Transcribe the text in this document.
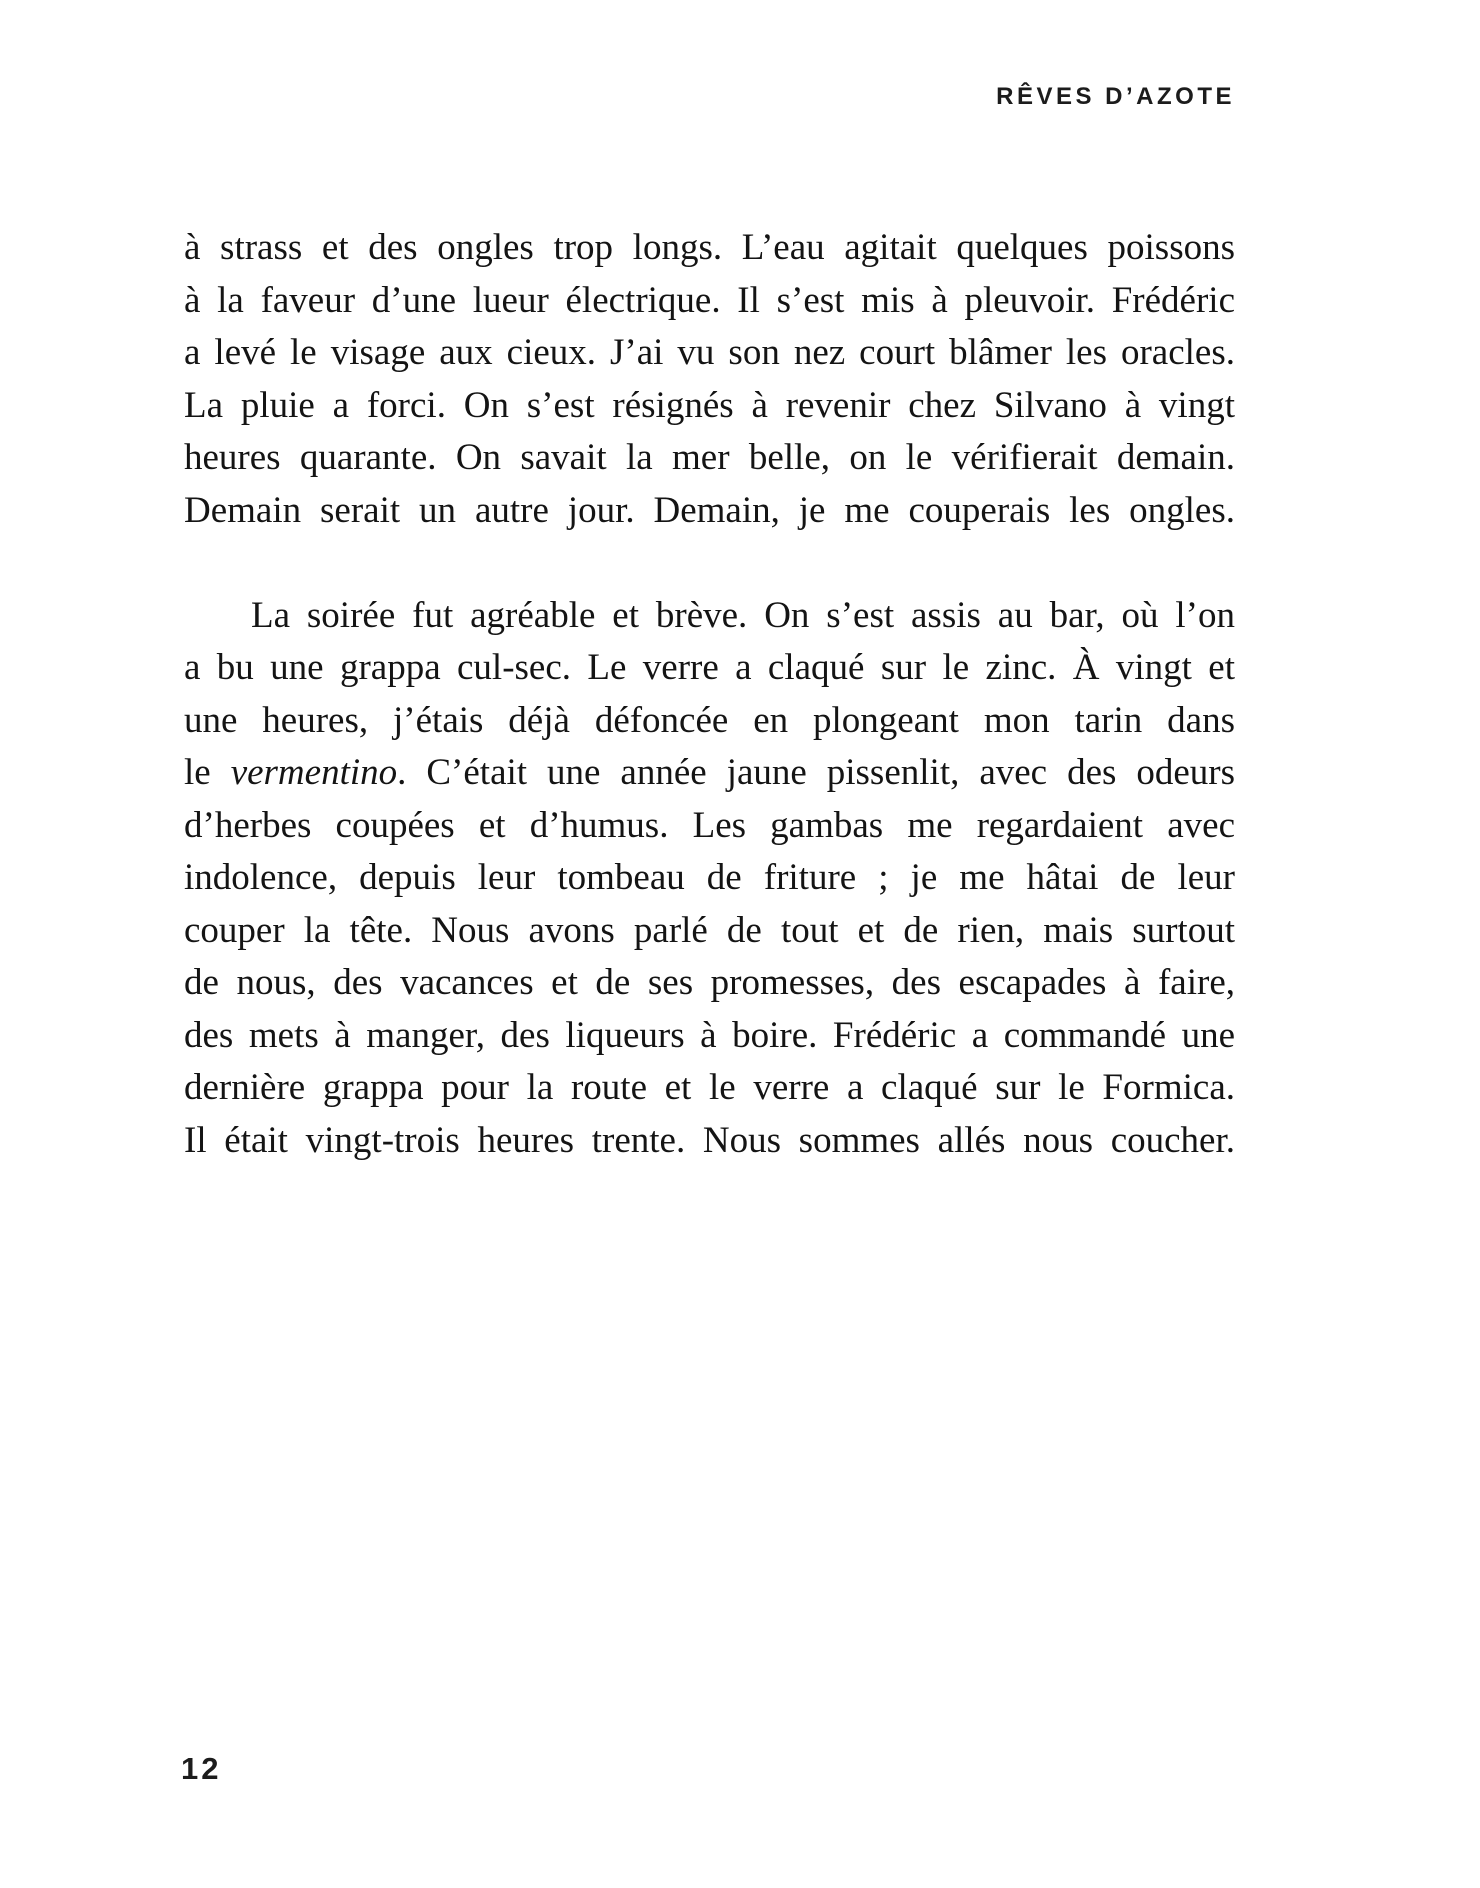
RÊVES D’AZOTE
à strass et des ongles trop longs. L’eau agitait quelques poissons
à la faveur d’une lueur électrique. Il s’est mis à pleuvoir. Frédéric
a levé le visage aux cieux. J’ai vu son nez court blâmer les oracles.
La pluie a forci. On s’est résignés à revenir chez Silvano à vingt
heures quarante. On savait la mer belle, on le vérifierait demain.
Demain serait un autre jour. Demain, je me couperais les ongles.
La soirée fut agréable et brève. On s’est assis au bar, où l’on
a bu une grappa cul-sec. Le verre a claqué sur le zinc. À vingt et
une heures, j’étais déjà défoncée en plongeant mon tarin dans
le vermentino. C’était une année jaune pissenlit, avec des odeurs
d’herbes coupées et d’humus. Les gambas me regardaient avec
indolence, depuis leur tombeau de friture ; je me hâtai de leur
couper la tête. Nous avons parlé de tout et de rien, mais surtout
de nous, des vacances et de ses promesses, des escapades à faire,
des mets à manger, des liqueurs à boire. Frédéric a commandé une
dernière grappa pour la route et le verre a claqué sur le Formica.
Il était vingt-trois heures trente. Nous sommes allés nous coucher.
12
